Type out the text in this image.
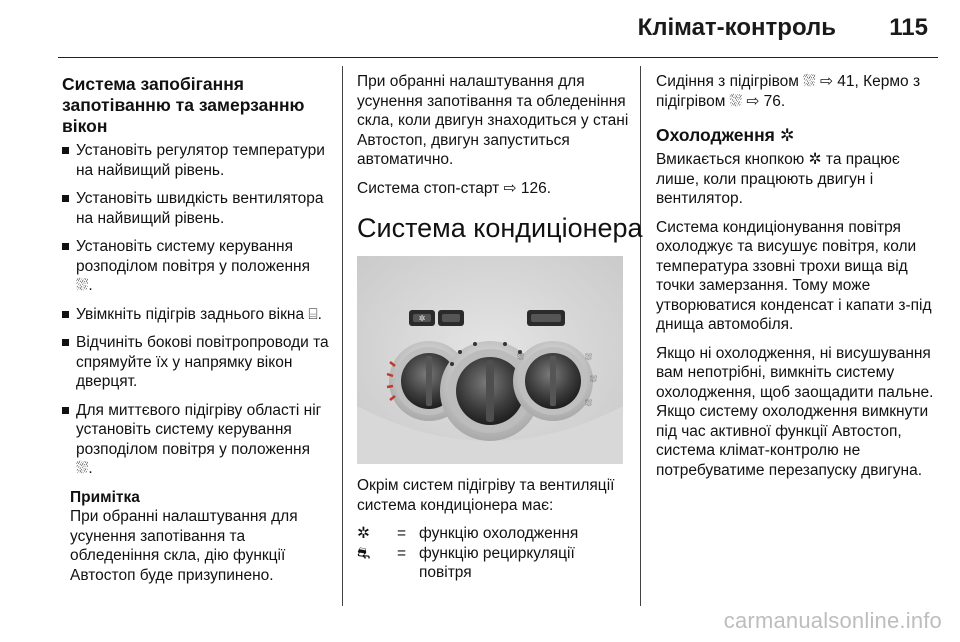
Клімат-контроль 115
Система запобігання запотіванню та замерзанню вікон
Установіть регулятор температури на найвищий рівень.
Установіть швидкість вентилятора на найвищий рівень.
Установіть систему керування розподілом повітря у положення ⛆.
Увімкніть підігрів заднього вікна ⌸.
Відчиніть бокові повітропроводи та спрямуйте їх у напрямку вікон дверцят.
Для миттєвого підігріву області ніг установіть систему керування розподілом повітря у положення ⛆.
Примітка

При обранні налаштування для усунення запотівання та обледеніння скла, дію функції Автостоп буде призупинено.

При обранні налаштування для усунення запотівання та обледеніння скла, коли двигун знаходиться у стані Автостоп, двигун запуститься автоматично.

Система стоп-старт ⇨ 126.

Система кондиціонера
✲
⛆
⛆
⛆
⛆

Окрім систем підігріву та вентиляції система кондиціонера має:

✲	=	функцію охолодження
⛐	=	функцію рециркуляції повітря

Сидіння з підігрівом ⛆ ⇨ 41, Кермо з підігрівом ⛆ ⇨ 76.

Охолодження ✲

Вмикається кнопкою ✲ та працює лише, коли працюють двигун і вентилятор.

Система кондиціонування повітря охолоджує та висушує повітря, коли температура ззовні трохи вища від точки замерзання. Тому може утворюватися конденсат і капати з-під днища автомобіля.

Якщо ні охолодження, ні висушування вам непотрібні, вимкніть систему охолодження, щоб заощадити пальне. Якщо систему охолодження вимкнути під час активної функції Автостоп, система клімат-контролю не потребуватиме перезапуску двигуна.

carmanualsonline.info
